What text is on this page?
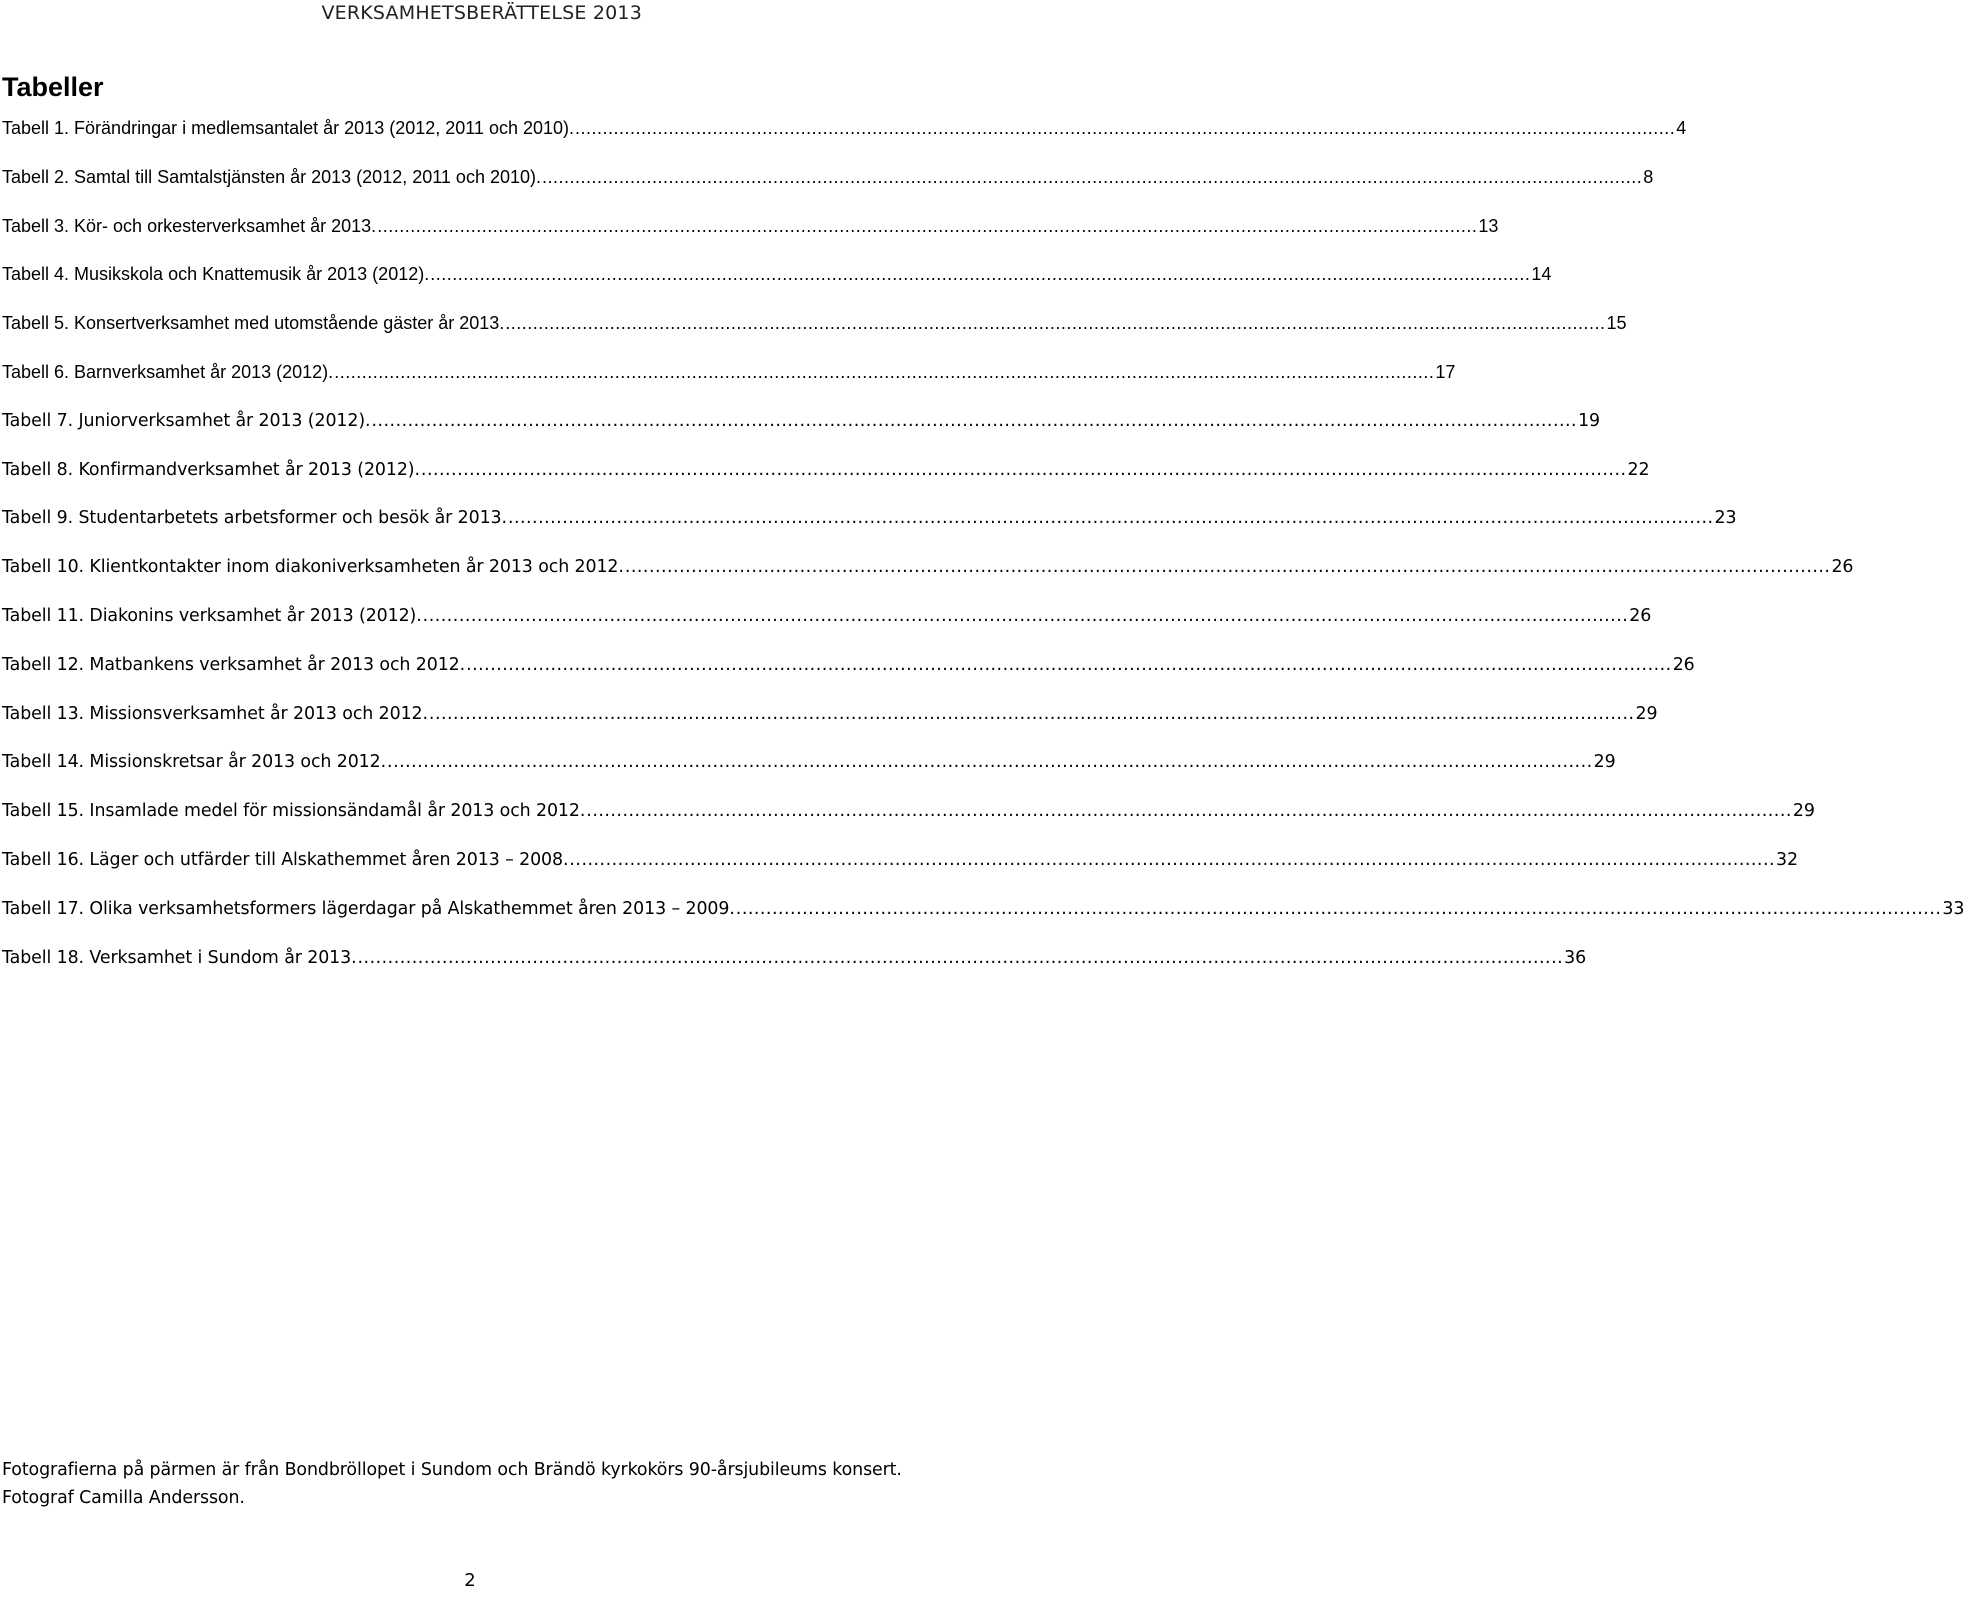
VERKSAMHETSBERÄTTELSE 2013
Tabeller
Tabell 1. Förändringar i medlemsantalet år 2013 (2012, 2011 och 2010). ........................................................................................................................................................................................................ 4
Tabell 2. Samtal till Samtalstjänsten år 2013 (2012, 2011 och 2010). ........................................................................................................................................................................................................ 8
Tabell 3. Kör- och orkesterverksamhet år 2013. ........................................................................................................................................................................................................ 13
Tabell 4. Musikskola och Knattemusik år 2013 (2012). ........................................................................................................................................................................................................ 14
Tabell 5. Konsertverksamhet med utomstående gäster år 2013. ........................................................................................................................................................................................................ 15
Tabell 6. Barnverksamhet år 2013 (2012). ........................................................................................................................................................................................................ 17
Tabell 7. Juniorverksamhet år 2013 (2012). ........................................................................................................................................................................................................ 19
Tabell 8. Konfirmandverksamhet år 2013 (2012). ........................................................................................................................................................................................................ 22
Tabell 9. Studentarbetets arbetsformer och besök år 2013. ........................................................................................................................................................................................................ 23
Tabell 10. Klientkontakter inom diakoniverksamheten år 2013 och 2012. ........................................................................................................................................................................................................ 26
Tabell 11. Diakonins verksamhet år 2013 (2012). ........................................................................................................................................................................................................ 26
Tabell 12. Matbankens verksamhet år 2013 och 2012. ........................................................................................................................................................................................................ 26
Tabell 13. Missionsverksamhet år 2013 och 2012. ........................................................................................................................................................................................................ 29
Tabell 14. Missionskretsar år 2013 och 2012. ........................................................................................................................................................................................................ 29
Tabell 15. Insamlade medel för missionsändamål år 2013 och 2012. ........................................................................................................................................................................................................ 29
Tabell 16. Läger och utfärder till Alskathemmet åren 2013 – 2008. ........................................................................................................................................................................................................ 32
Tabell 17. Olika verksamhetsformers lägerdagar på Alskathemmet åren 2013 – 2009. ........................................................................................................................................................................................................ 33
Tabell 18. Verksamhet i Sundom år 2013. ........................................................................................................................................................................................................ 36

Fotografierna på pärmen är från Bondbröllopet i Sundom och Brändö kyrkokörs 90-årsjubileums konsert. Fotograf Camilla Andersson.

2
